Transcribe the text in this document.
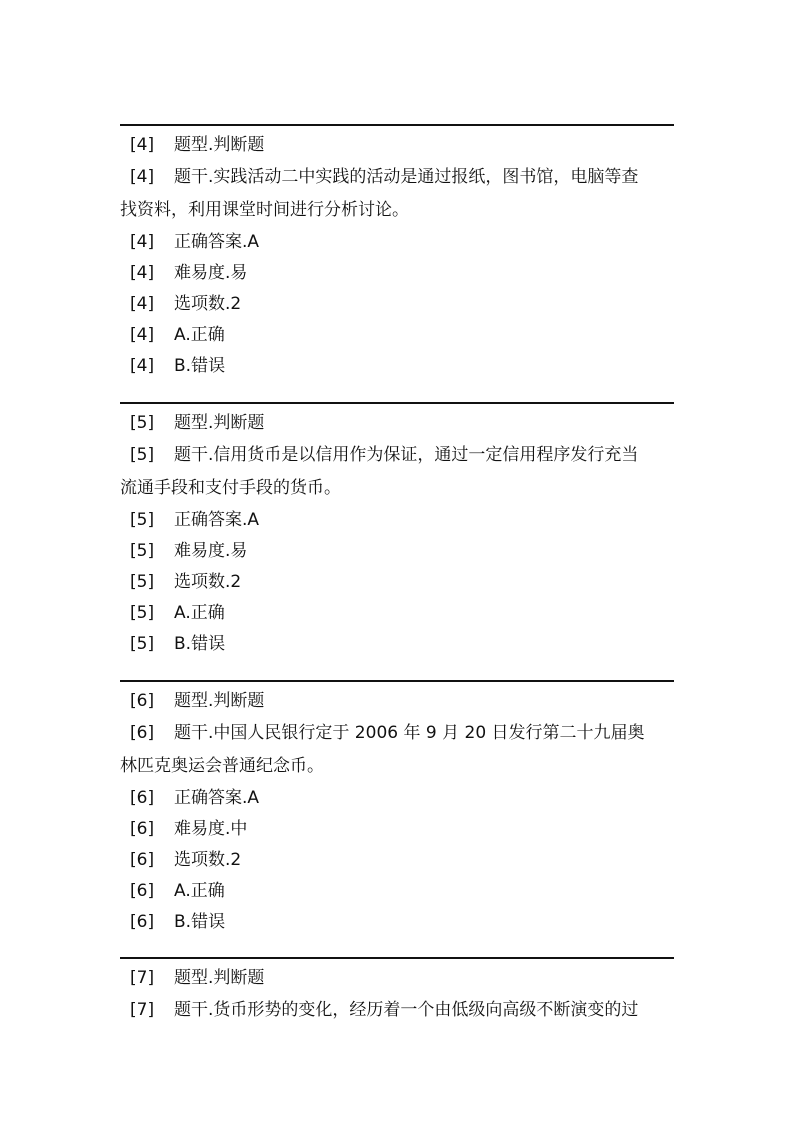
[4] 题型.判断题
[4] 题干.实践活动二中实践的活动是通过报纸，图书馆，电脑等查
找资料，利用课堂时间进行分析讨论。
[4] 正确答案.A
[4] 难易度.易
[4] 选项数.2
[4] A.正确
[4] B.错误
[5] 题型.判断题
[5] 题干.信用货币是以信用作为保证，通过一定信用程序发行充当
流通手段和支付手段的货币。
[5] 正确答案.A
[5] 难易度.易
[5] 选项数.2
[5] A.正确
[5] B.错误
[6] 题型.判断题
[6] 题干.中国人民银行定于 2006 年 9 月 20 日发行第二十九届奥
林匹克奥运会普通纪念币。
[6] 正确答案.A
[6] 难易度.中
[6] 选项数.2
[6] A.正确
[6] B.错误
[7] 题型.判断题
[7] 题干.货币形势的变化，经历着一个由低级向高级不断演变的过
